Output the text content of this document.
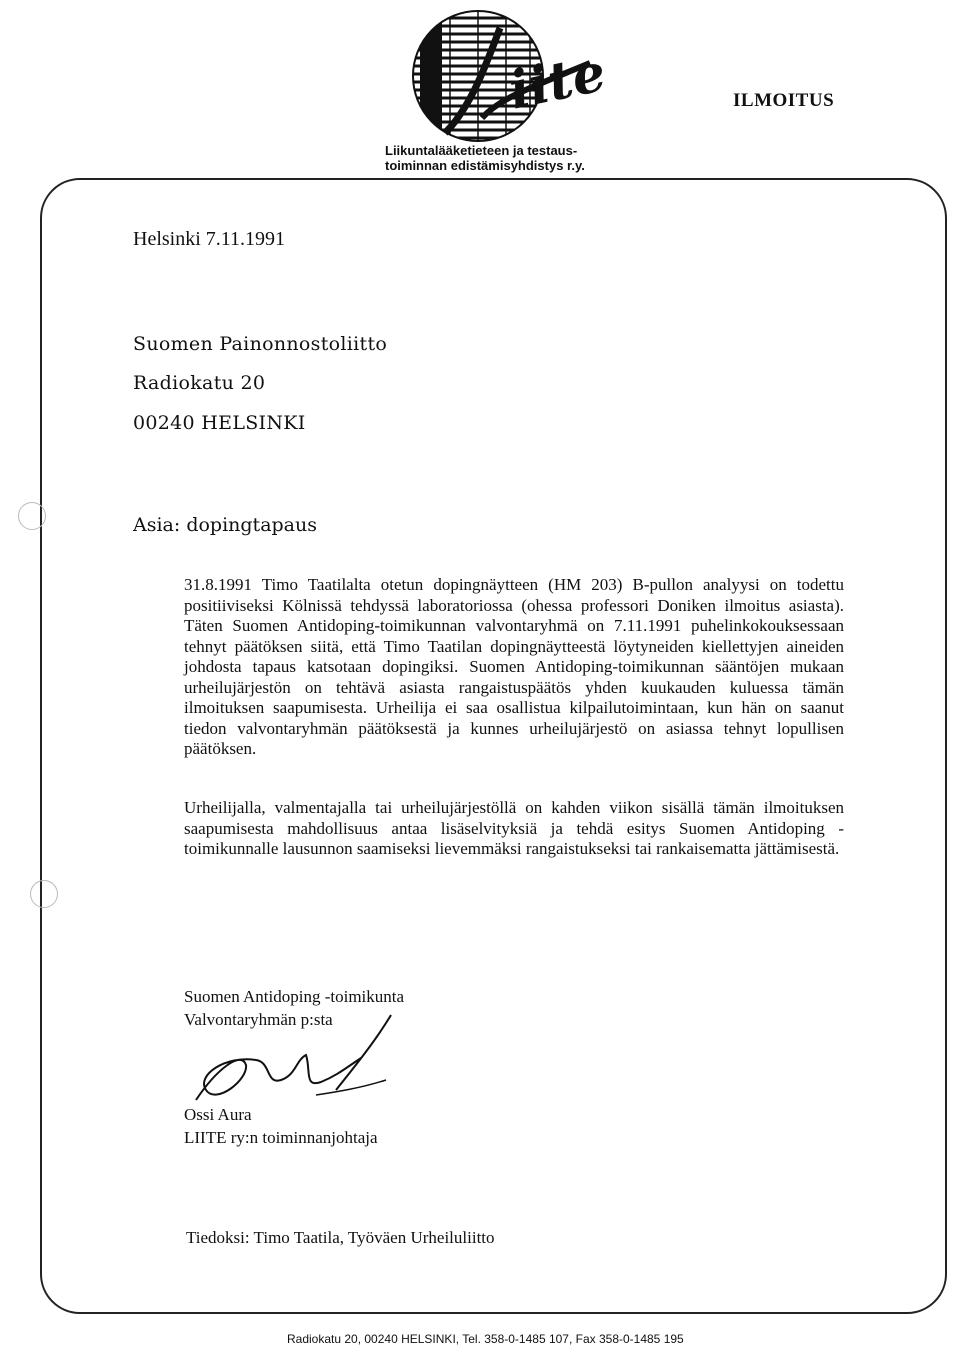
iite
Liikuntalääketieteen ja testaus-
toiminnan edistämisyhdistys r.y.
ILMOITUS
Helsinki 7.11.1991
Suomen Painonnostoliitto
Radiokatu 20
00240 HELSINKI
Asia: dopingtapaus
31.8.1991 Timo Taatilalta otetun dopingnäytteen (HM 203) B-pullon analyysi on todettu positiiviseksi Kölnissä tehdyssä laboratoriossa (ohessa professori Doniken ilmoitus asiasta). Täten Suomen Antidoping-toimikunnan valvontaryhmä on 7.11.1991 puhelinkokouksessaan tehnyt päätöksen siitä, että Timo Taatilan dopingnäytteestä löytyneiden kiellettyjen aineiden johdosta tapaus katsotaan dopingiksi. Suomen Antidoping-toimikunnan sääntöjen mukaan urheilujärjestön on tehtävä asiasta rangaistuspäätös yhden kuukauden kuluessa tämän ilmoituksen saapumisesta. Urheilija ei saa osallistua kilpailutoimintaan, kun hän on saanut tiedon valvontaryhmän päätöksestä ja kunnes urheilujärjestö on asiassa tehnyt lopullisen päätöksen.
Urheilijalla, valmentajalla tai urheilujärjestöllä on kahden viikon sisällä tämän ilmoituksen saapumisesta mahdollisuus antaa lisäselvityksiä ja tehdä esitys Suomen Antidoping -toimikunnalle lausunnon saamiseksi lievemmäksi rangaistukseksi tai rankaisematta jättämisestä.
Suomen Antidoping -toimikunta
Valvontaryhmän p:sta
Ossi Aura
LIITE ry:n toiminnanjohtaja
Tiedoksi: Timo Taatila, Työväen Urheiluliitto
Radiokatu 20, 00240 HELSINKI, Tel. 358-0-1485 107, Fax 358-0-1485 195
